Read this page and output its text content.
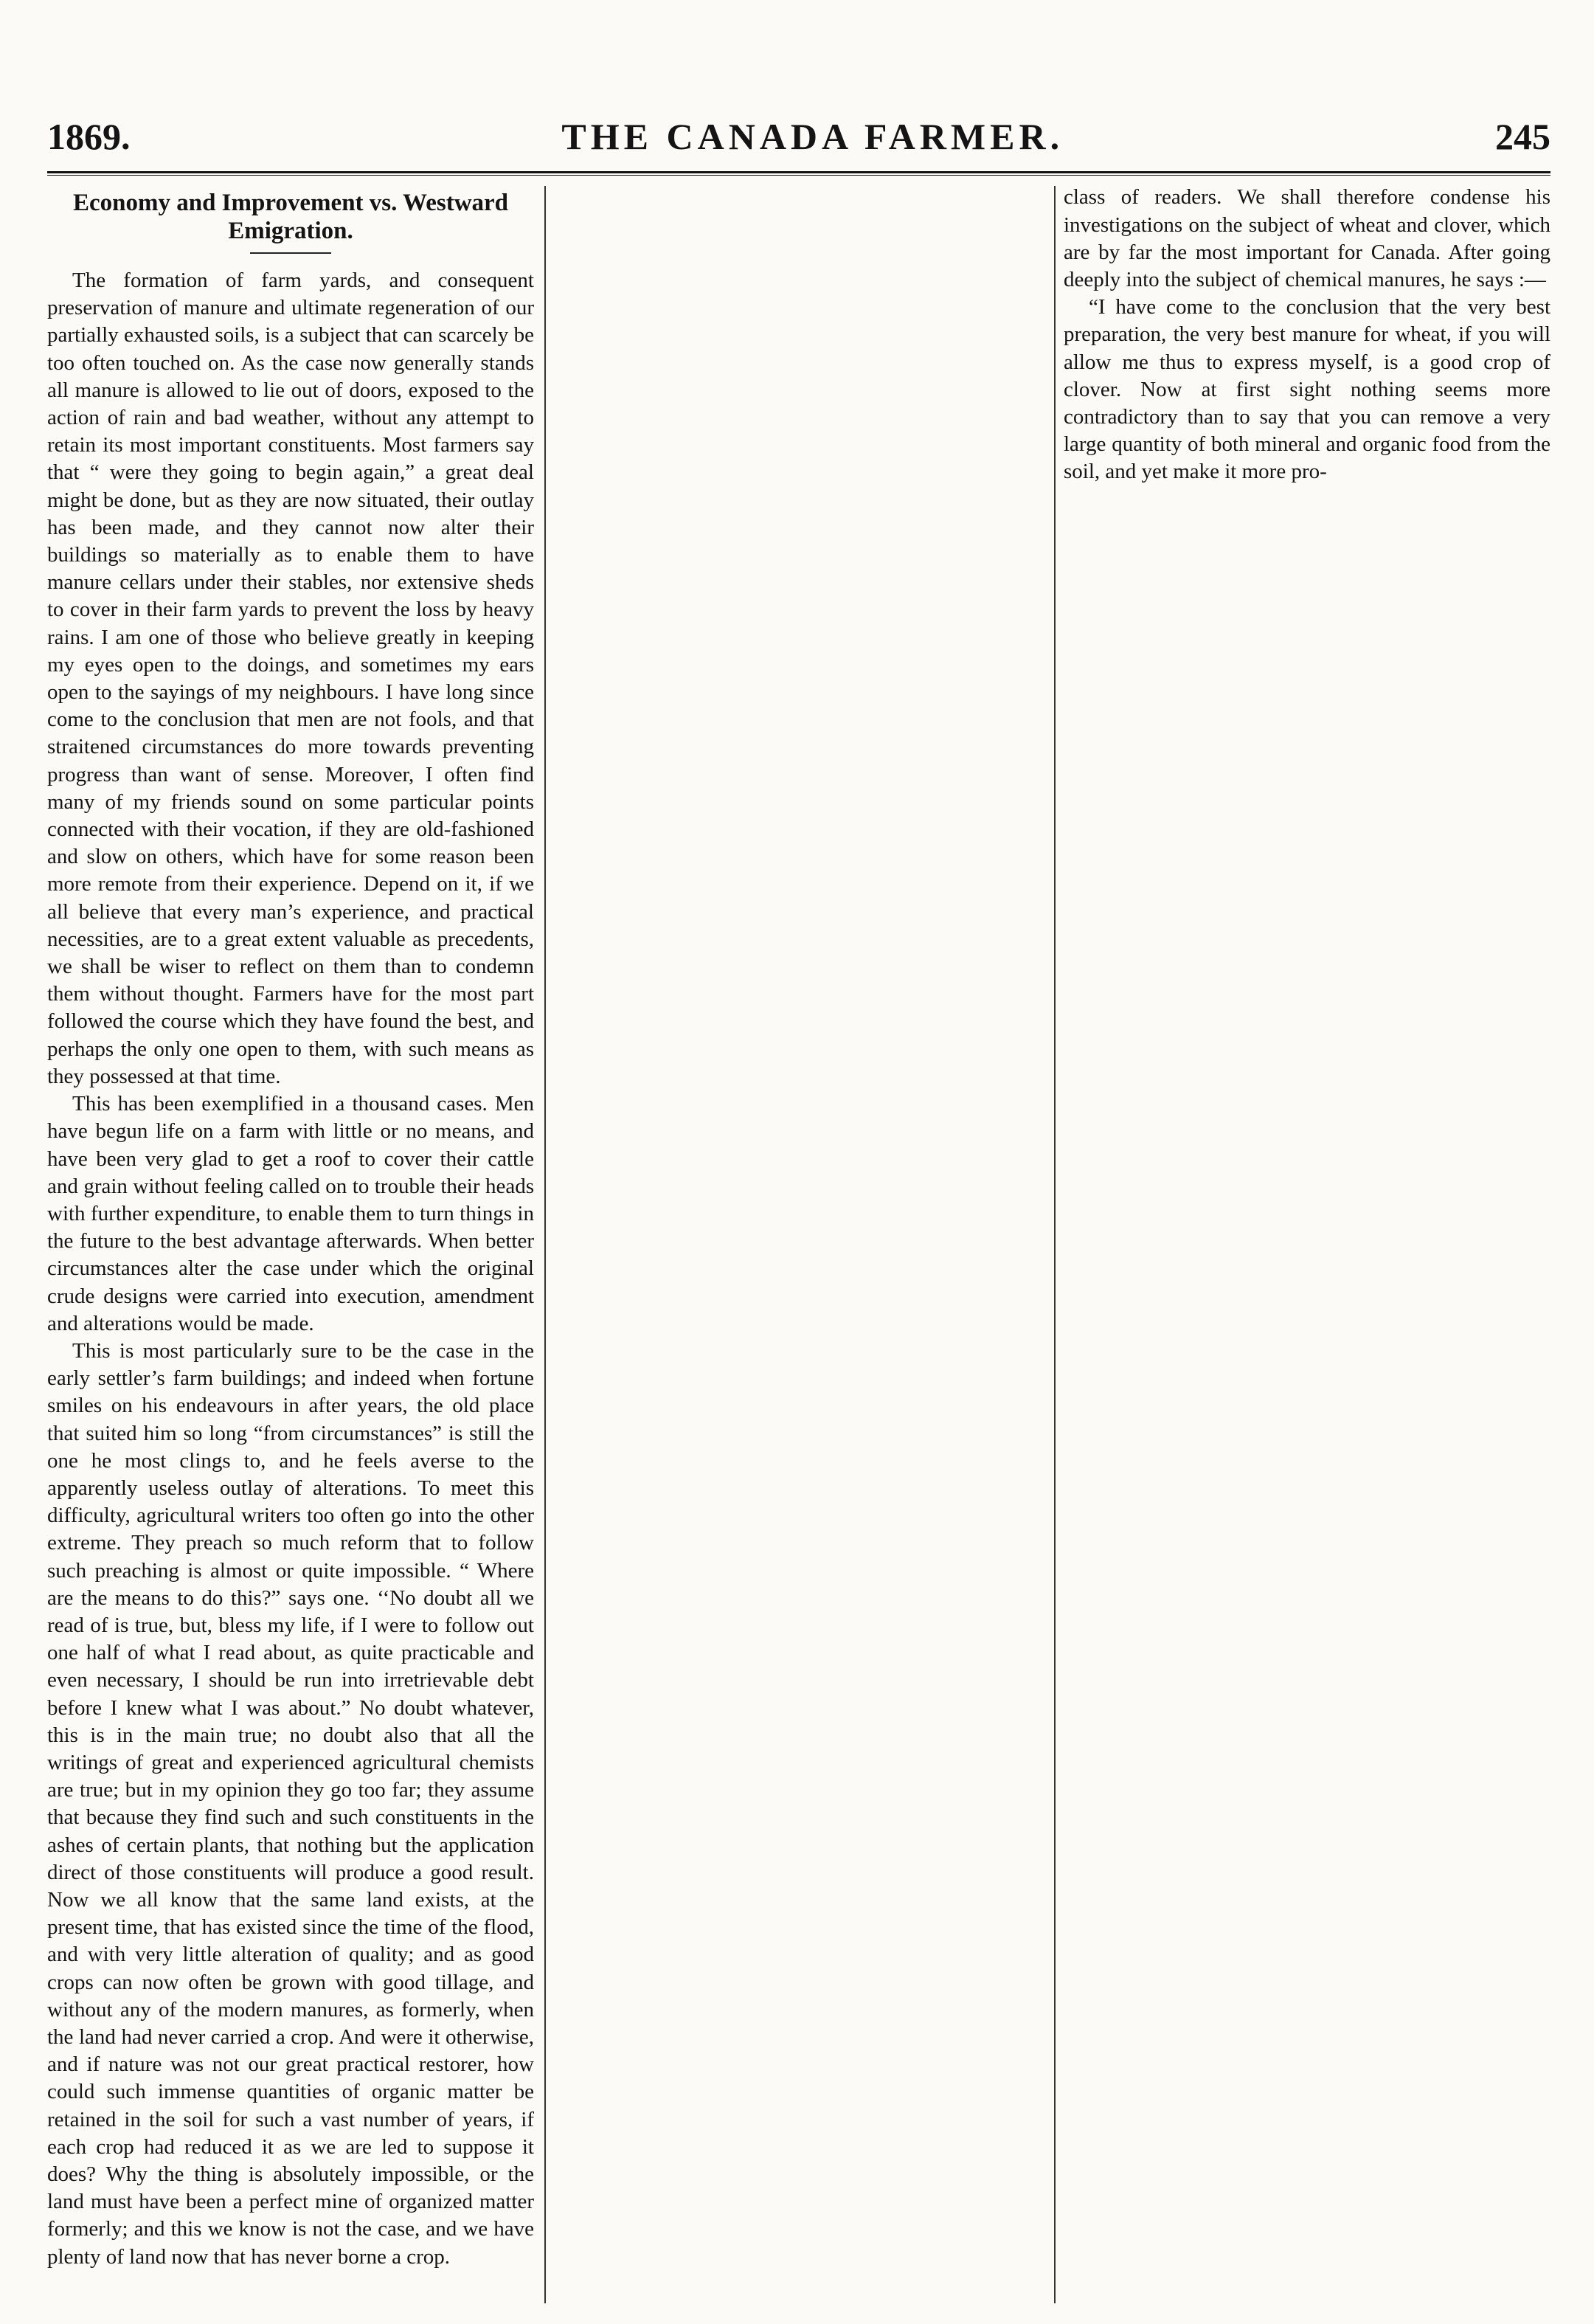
1869.	THE CANADA FARMER.	245
Economy and Improvement vs. Westward Emigration.

The formation of farm yards, and consequent preservation of manure and ultimate regeneration of our partially exhausted soils, is a subject that can scarcely be too often touched on. As the case now generally stands all manure is allowed to lie out of doors, exposed to the action of rain and bad weather, without any attempt to retain its most important constituents. Most farmers say that “ were they going to begin again,” a great deal might be done, but as they are now situated, their outlay has been made, and they cannot now alter their buildings so materially as to enable them to have manure cellars under their stables, nor extensive sheds to cover in their farm yards to prevent the loss by heavy rains. I am one of those who believe greatly in keeping my eyes open to the doings, and sometimes my ears open to the sayings of my neighbours. I have long since come to the conclusion that men are not fools, and that straitened circumstances do more towards preventing progress than want of sense. Moreover, I often find many of my friends sound on some particular points connected with their vocation, if they are old-fashioned and slow on others, which have for some reason been more remote from their experience. Depend on it, if we all believe that every man’s experience, and practical necessities, are to a great extent valuable as precedents, we shall be wiser to reflect on them than to condemn them without thought. Farmers have for the most part followed the course which they have found the best, and perhaps the only one open to them, with such means as they possessed at that time.

This has been exemplified in a thousand cases. Men have begun life on a farm with little or no means, and have been very glad to get a roof to cover their cattle and grain without feeling called on to trouble their heads with further expenditure, to enable them to turn things in the future to the best advantage afterwards. When better circumstances alter the case under which the original crude designs were carried into execution, amendment and alterations would be made.

This is most particularly sure to be the case in the early settler’s farm buildings; and indeed when fortune smiles on his endeavours in after years, the old place that suited him so long “from circumstances” is still the one he most clings to, and he feels averse to the apparently useless outlay of alterations. To meet this difficulty, agricultural writers too often go into the other extreme. They preach so much reform that to follow such preaching is almost or quite impossible. “ Where are the means to do this?” says one. ‘‘No doubt all we read of is true, but, bless my life, if I were to follow out one half of what I read about, as quite practicable and even necessary, I should be run into irretrievable debt before I knew what I was about.” No doubt whatever, this is in the main true; no doubt also that all the writings of great and experienced agricultural chemists are true; but in my opinion they go too far; they assume that because they find such and such constituents in the ashes of certain plants, that nothing but the application direct of those constituents will produce a good result. Now we all know that the same land exists, at the present time, that has existed since the time of the flood, and with very little alteration of quality; and as good crops can now often be grown with good tillage, and without any of the modern manures, as formerly, when the land had never carried a crop. And were it otherwise, and if nature was not our great practical restorer, how could such immense quantities of organic matter be retained in the soil for such a vast number of years, if each crop had reduced it as we are led to suppose it does? Why the thing is absolutely impossible, or the land must have been a perfect mine of organized matter formerly; and this we know is not the case, and we have plenty of land now that has never borne a crop.

class of readers. We shall therefore condense his investigations on the subject of wheat and clover, which are by far the most important for Canada. After going deeply into the subject of chemical manures, he says :—

“I have come to the conclusion that the very best preparation, the very best manure for wheat, if you will allow me thus to express myself, is a good crop of clover. Now at first sight nothing seems more contradictory than to say that you can remove a very large quantity of both mineral and organic food from the soil, and yet make it more pro-
